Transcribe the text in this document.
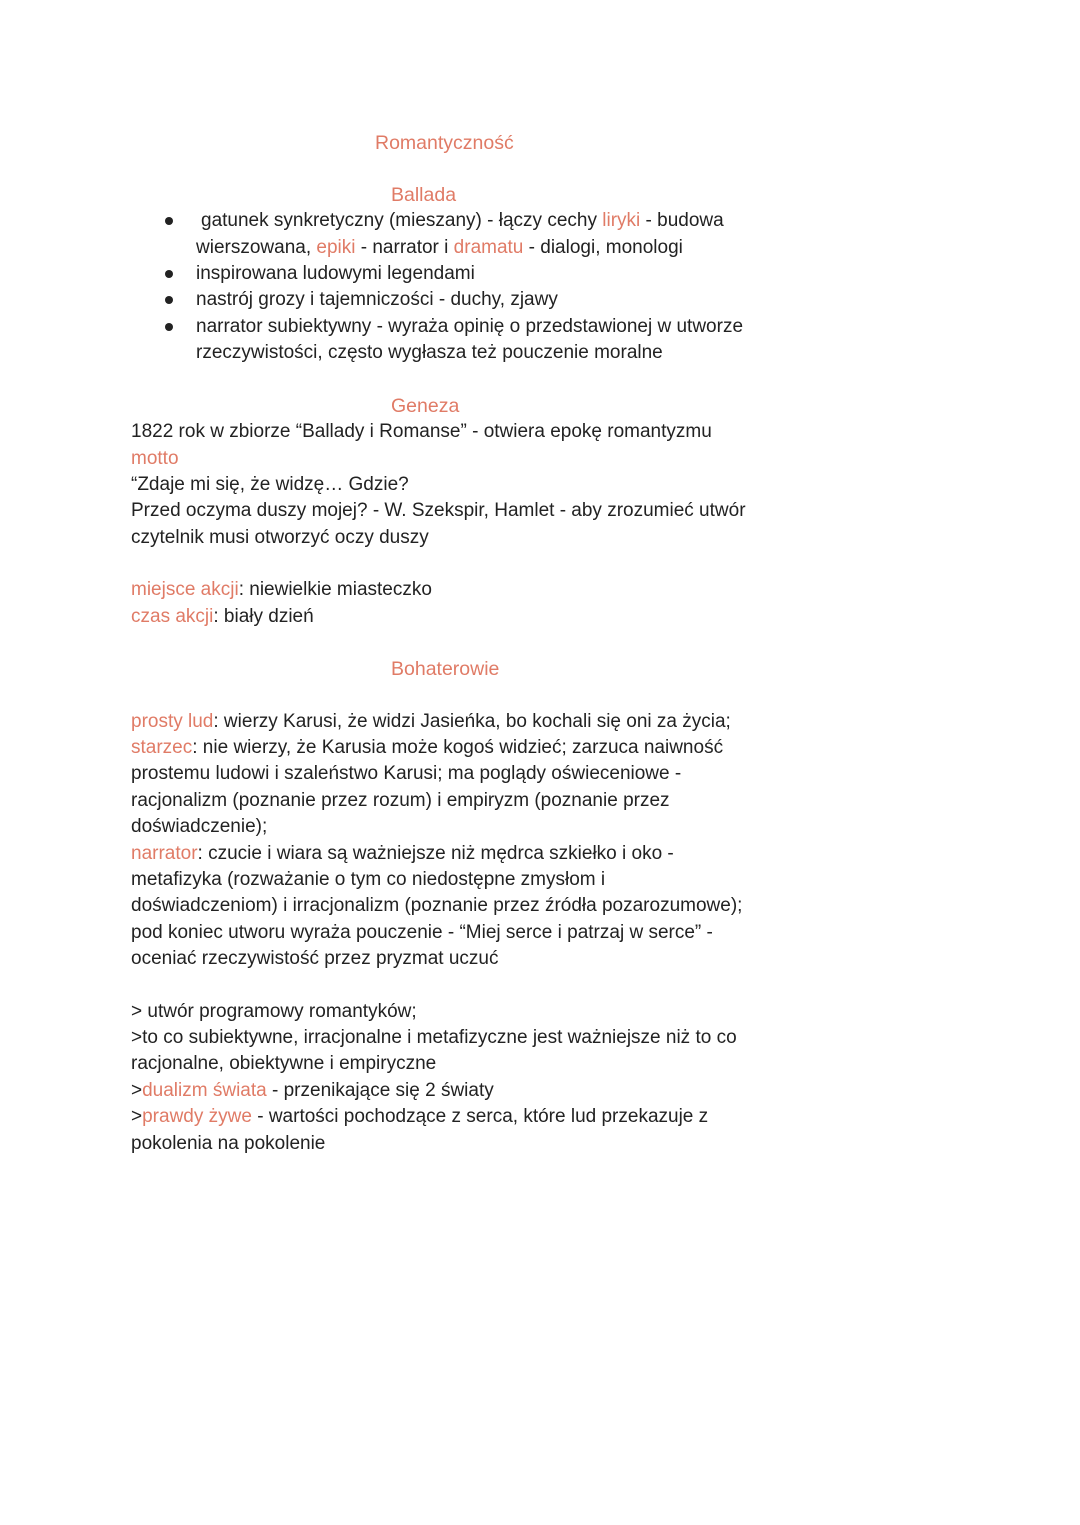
Romantyczność
Ballada
gatunek synkretyczny (mieszany) - łączy cechy liryki - budowa
wierszowana, epiki - narrator i dramatu - dialogi, monologi
inspirowana ludowymi legendami
nastrój grozy i tajemniczości - duchy, zjawy
narrator subiektywny - wyraża opinię o przedstawionej w utworze
rzeczywistości, często wygłasza też pouczenie moralne
Geneza
1822 rok w zbiorze “Ballady i Romanse” - otwiera epokę romantyzmu
motto
“Zdaje mi się, że widzę… Gdzie?
Przed oczyma duszy mojej? - W. Szekspir, Hamlet - aby zrozumieć utwór
czytelnik musi otworzyć oczy duszy
miejsce akcji: niewielkie miasteczko
czas akcji: biały dzień
Bohaterowie
prosty lud: wierzy Karusi, że widzi Jasieńka, bo kochali się oni za życia;
starzec: nie wierzy, że Karusia może kogoś widzieć; zarzuca naiwność
prostemu ludowi i szaleństwo Karusi; ma poglądy oświeceniowe -
racjonalizm (poznanie przez rozum) i empiryzm (poznanie przez
doświadczenie);
narrator: czucie i wiara są ważniejsze niż mędrca szkiełko i oko -
metafizyka (rozważanie o tym co niedostępne zmysłom i
doświadczeniom) i irracjonalizm (poznanie przez źródła pozarozumowe);
pod koniec utworu wyraża pouczenie - “Miej serce i patrzaj w serce” -
oceniać rzeczywistość przez pryzmat uczuć
> utwór programowy romantyków;
>to co subiektywne, irracjonalne i metafizyczne jest ważniejsze niż to co
racjonalne, obiektywne i empiryczne
>dualizm świata - przenikające się 2 światy
>prawdy żywe - wartości pochodzące z serca, które lud przekazuje z
pokolenia na pokolenie
